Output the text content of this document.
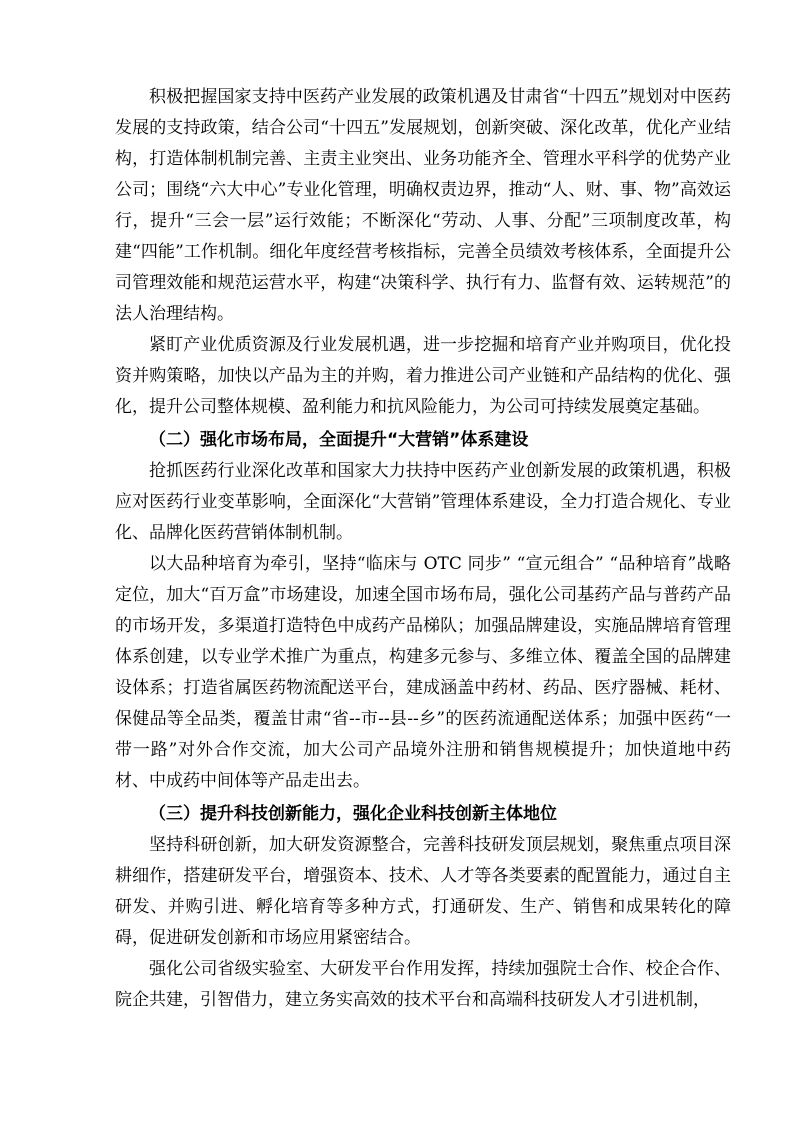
积极把握国家支持中医药产业发展的政策机遇及甘肃省“十四五”规划对中医药发展的支持政策，结合公司“十四五”发展规划，创新突破、深化改革，优化产业结构，打造体制机制完善、主责主业突出、业务功能齐全、管理水平科学的优势产业公司；围绕“六大中心”专业化管理，明确权责边界，推动“人、财、事、物”高效运行，提升“三会一层”运行效能；不断深化“劳动、人事、分配”三项制度改革，构建“四能”工作机制。细化年度经营考核指标，完善全员绩效考核体系，全面提升公司管理效能和规范运营水平，构建“决策科学、执行有力、监督有效、运转规范”的法人治理结构。

紧盯产业优质资源及行业发展机遇，进一步挖掘和培育产业并购项目，优化投资并购策略，加快以产品为主的并购，着力推进公司产业链和产品结构的优化、强化，提升公司整体规模、盈利能力和抗风险能力，为公司可持续发展奠定基础。

（二）强化市场布局，全面提升“大营销”体系建设

抢抓医药行业深化改革和国家大力扶持中医药产业创新发展的政策机遇，积极应对医药行业变革影响，全面深化“大营销”管理体系建设，全力打造合规化、专业化、品牌化医药营销体制机制。

以大品种培育为牵引，坚持“临床与 OTC 同步” “宣元组合” “品种培育”战略定位，加大“百万盒”市场建设，加速全国市场布局，强化公司基药产品与普药产品的市场开发，多渠道打造特色中成药产品梯队；加强品牌建设，实施品牌培育管理体系创建，以专业学术推广为重点，构建多元参与、多维立体、覆盖全国的品牌建设体系；打造省属医药物流配送平台，建成涵盖中药材、药品、医疗器械、耗材、保健品等全品类，覆盖甘肃“省--市--县--乡”的医药流通配送体系；加强中医药“一带一路”对外合作交流，加大公司产品境外注册和销售规模提升；加快道地中药材、中成药中间体等产品走出去。

（三）提升科技创新能力，强化企业科技创新主体地位

坚持科研创新，加大研发资源整合，完善科技研发顶层规划，聚焦重点项目深耕细作，搭建研发平台，增强资本、技术、人才等各类要素的配置能力，通过自主研发、并购引进、孵化培育等多种方式，打通研发、生产、销售和成果转化的障碍，促进研发创新和市场应用紧密结合。

强化公司省级实验室、大研发平台作用发挥，持续加强院士合作、校企合作、院企共建，引智借力，建立务实高效的技术平台和高端科技研发人才引进机制，
